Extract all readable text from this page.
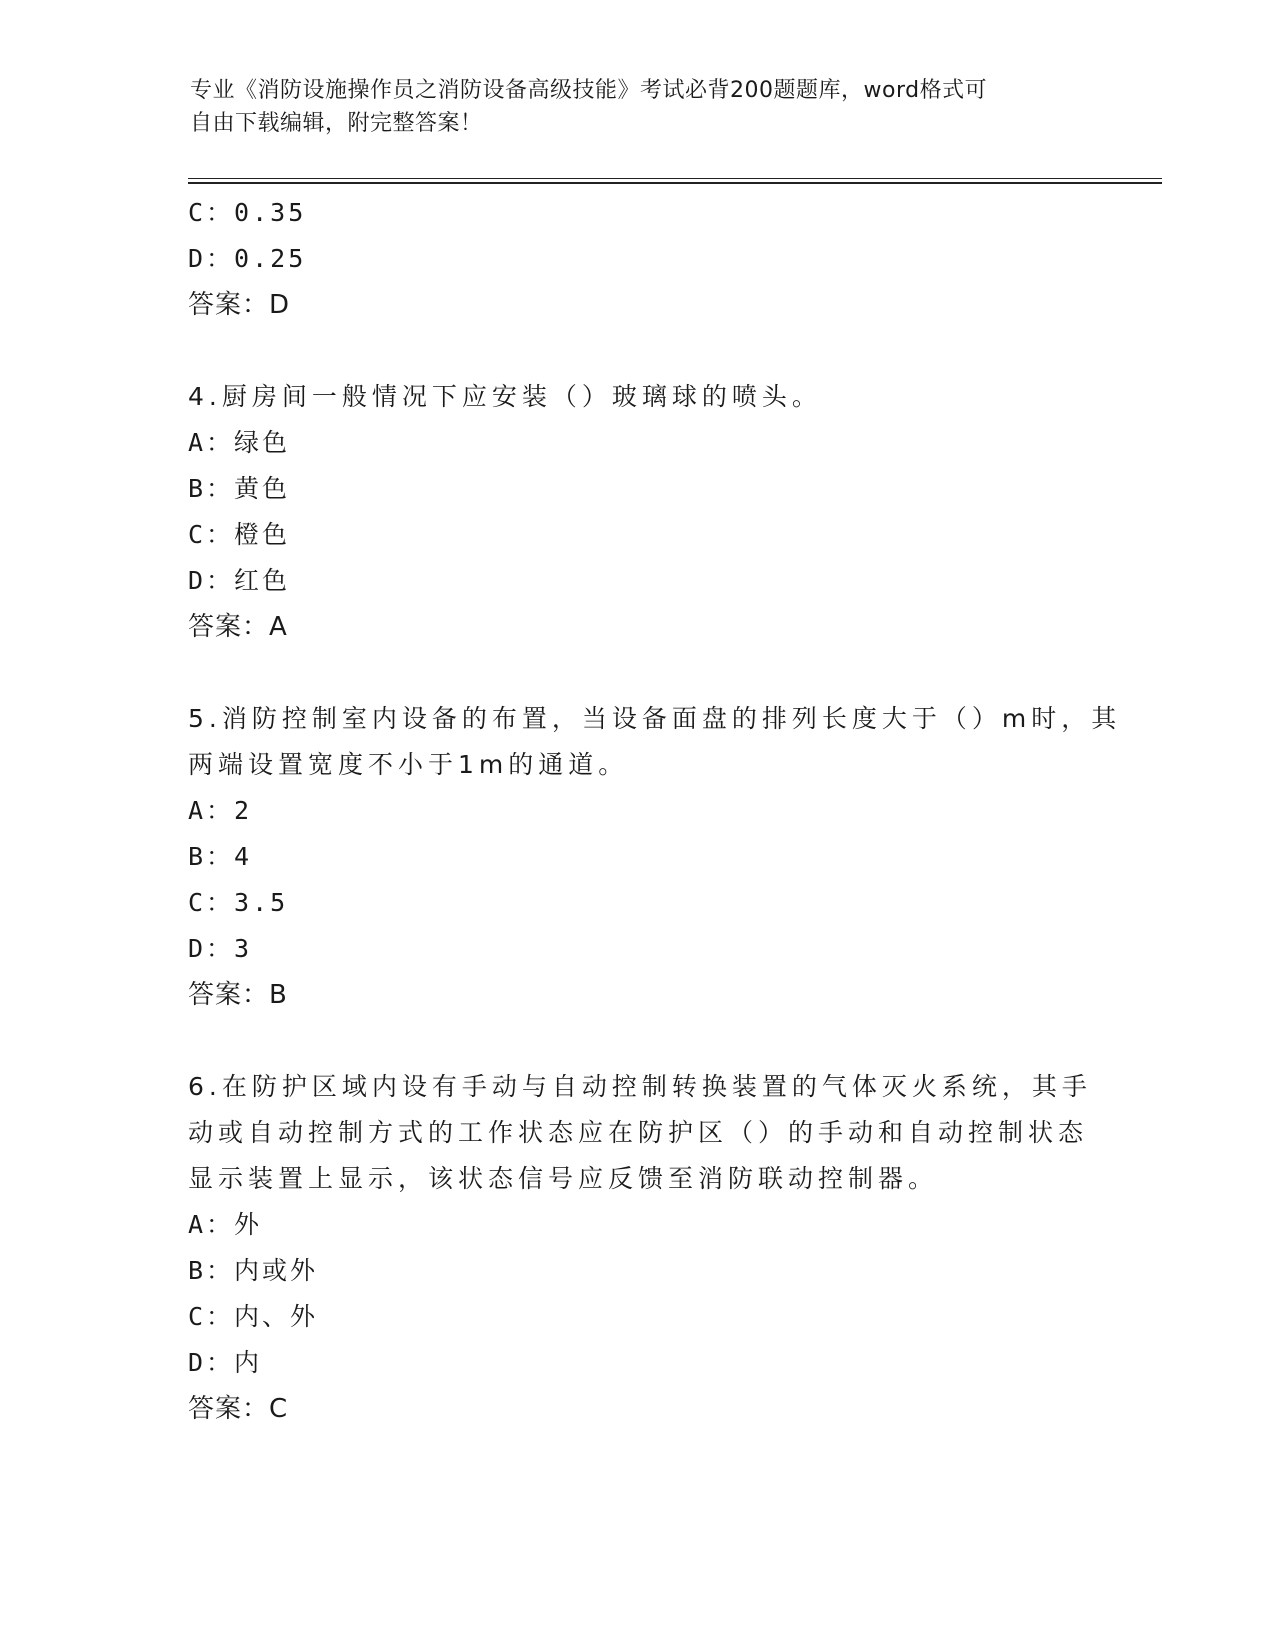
专业《消防设施操作员之消防设备高级技能》考试必背200题题库，word格式可
自由下载编辑，附完整答案！
C：0.35
D：0.25
答案：D
4.厨房间一般情况下应安装（）玻璃球的喷头。
A：绿色
B：黄色
C：橙色
D：红色
答案：A
5.消防控制室内设备的布置，当设备面盘的排列长度大于（）m时，其
两端设置宽度不小于1m的通道。
A：2
B：4
C：3.5
D：3
答案：B
6.在防护区域内设有手动与自动控制转换装置的气体灭火系统，其手
动或自动控制方式的工作状态应在防护区（）的手动和自动控制状态
显示装置上显示，该状态信号应反馈至消防联动控制器。
A：外
B：内或外
C：内、外
D：内
答案：C
